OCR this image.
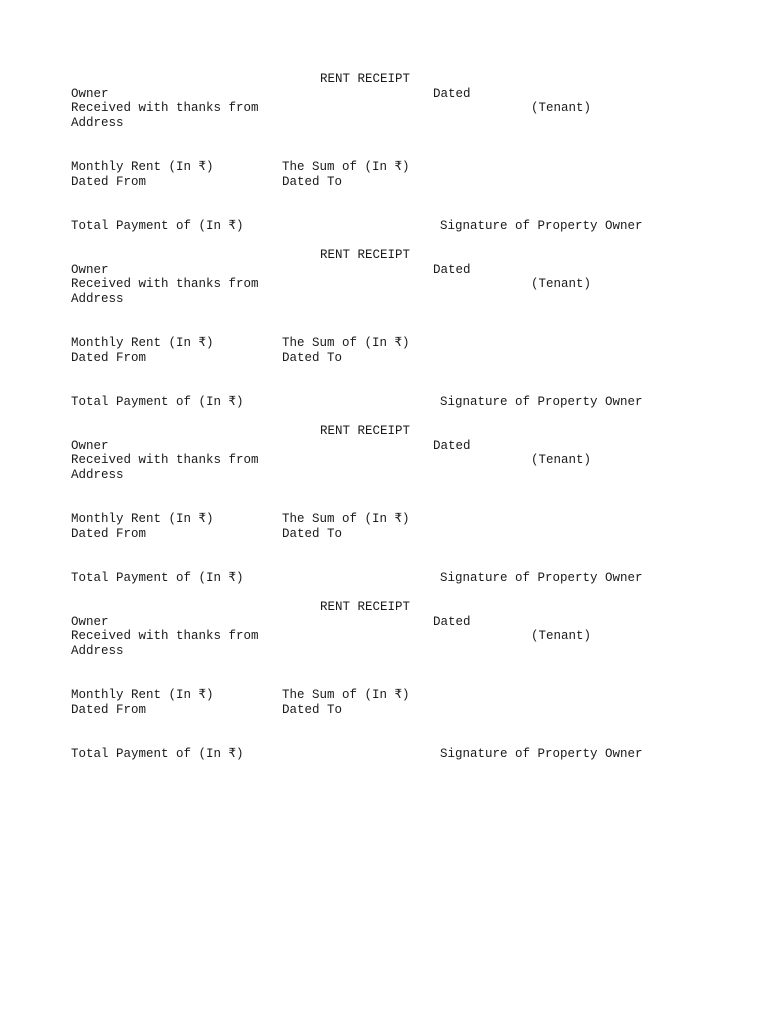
RENT RECEIPT
Owner	Dated
Received with thanks from	(Tenant)
Address
Monthly Rent (In ₹)	The Sum of (In ₹)
Dated From	Dated To
Total Payment of (In ₹)	Signature of Property Owner
RENT RECEIPT
Owner	Dated
Received with thanks from	(Tenant)
Address
Monthly Rent (In ₹)	The Sum of (In ₹)
Dated From	Dated To
Total Payment of (In ₹)	Signature of Property Owner
RENT RECEIPT
Owner	Dated
Received with thanks from	(Tenant)
Address
Monthly Rent (In ₹)	The Sum of (In ₹)
Dated From	Dated To
Total Payment of (In ₹)	Signature of Property Owner
RENT RECEIPT
Owner	Dated
Received with thanks from	(Tenant)
Address
Monthly Rent (In ₹)	The Sum of (In ₹)
Dated From	Dated To
Total Payment of (In ₹)	Signature of Property Owner
